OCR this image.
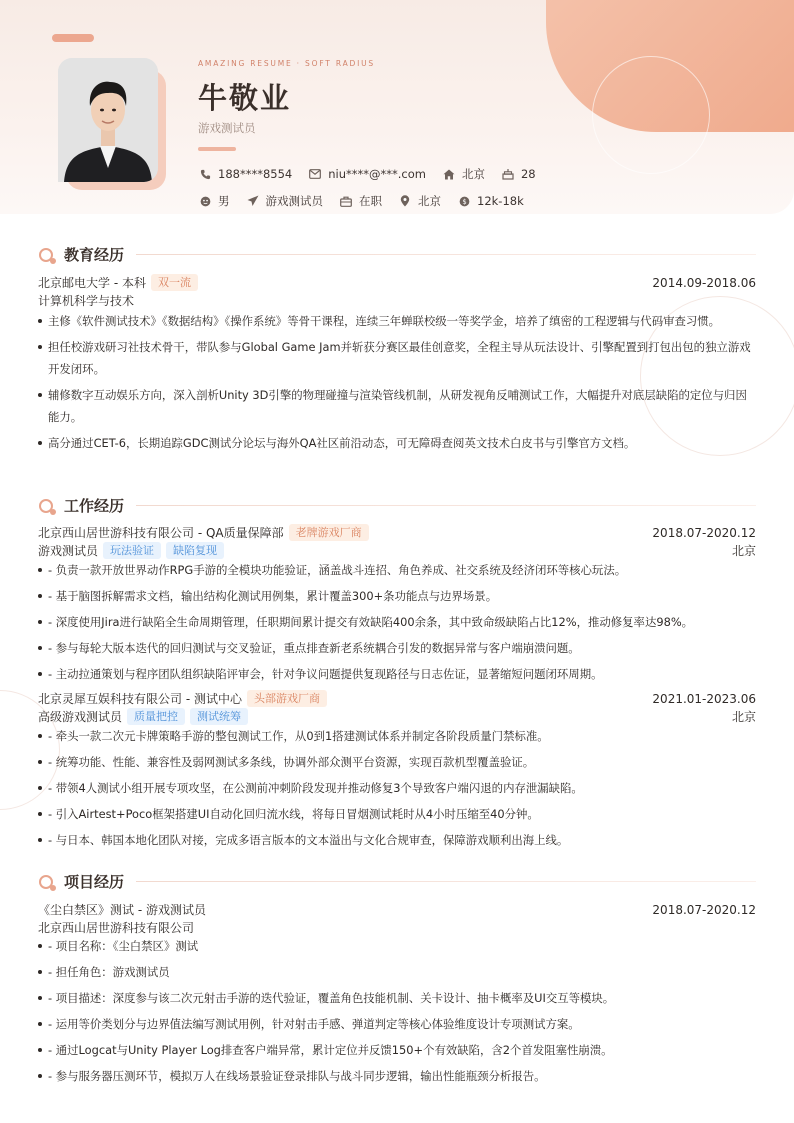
AMAZING RESUME · SOFT RADIUS
牛敬业
游戏测试员
188****8554	niu****@***.com	北京	28
男	游戏测试员	在职	北京	$ 12k-18k
教育经历
北京邮电大学 - 本科	双一流	2014.09-2018.06
计算机科学与技术
主修《软件测试技术》《数据结构》《操作系统》等骨干课程，连续三年蝉联校级一等奖学金，培养了缜密的工程逻辑与代码审查习惯。
担任校游戏研习社技术骨干，带队参与Global Game Jam并斩获分赛区最佳创意奖，全程主导从玩法设计、引擎配置到打包出包的独立游戏开发闭环。
辅修数字互动娱乐方向，深入剖析Unity 3D引擎的物理碰撞与渲染管线机制，从研发视角反哺测试工作，大幅提升对底层缺陷的定位与归因能力。
高分通过CET-6，长期追踪GDC测试分论坛与海外QA社区前沿动态，可无障碍查阅英文技术白皮书与引擎官方文档。
工作经历
北京西山居世游科技有限公司 - QA质量保障部	老牌游戏厂商	2018.07-2020.12
游戏测试员	玩法验证	缺陷复现	北京
- 负责一款开放世界动作RPG手游的全模块功能验证，涵盖战斗连招、角色养成、社交系统及经济闭环等核心玩法。
- 基于脑图拆解需求文档，输出结构化测试用例集，累计覆盖300+条功能点与边界场景。
- 深度使用Jira进行缺陷全生命周期管理，任职期间累计提交有效缺陷400余条，其中致命级缺陷占比12%，推动修复率达98%。
- 参与每轮大版本迭代的回归测试与交叉验证，重点排查新老系统耦合引发的数据异常与客户端崩溃问题。
- 主动拉通策划与程序团队组织缺陷评审会，针对争议问题提供复现路径与日志佐证，显著缩短问题闭环周期。
北京灵犀互娱科技有限公司 - 测试中心	头部游戏厂商	2021.01-2023.06
高级游戏测试员	质量把控	测试统筹	北京
- 牵头一款二次元卡牌策略手游的整包测试工作，从0到1搭建测试体系并制定各阶段质量门禁标准。
- 统筹功能、性能、兼容性及弱网测试多条线，协调外部众测平台资源，实现百款机型覆盖验证。
- 带领4人测试小组开展专项攻坚，在公测前冲刺阶段发现并推动修复3个导致客户端闪退的内存泄漏缺陷。
- 引入Airtest+Poco框架搭建UI自动化回归流水线，将每日冒烟测试耗时从4小时压缩至40分钟。
- 与日本、韩国本地化团队对接，完成多语言版本的文本溢出与文化合规审查，保障游戏顺利出海上线。
项目经历
《尘白禁区》测试 - 游戏测试员	2018.07-2020.12
北京西山居世游科技有限公司
- 项目名称：《尘白禁区》测试
- 担任角色：游戏测试员
- 项目描述：深度参与该二次元射击手游的迭代验证，覆盖角色技能机制、关卡设计、抽卡概率及UI交互等模块。
- 运用等价类划分与边界值法编写测试用例，针对射击手感、弹道判定等核心体验维度设计专项测试方案。
- 通过Logcat与Unity Player Log排查客户端异常，累计定位并反馈150+个有效缺陷，含2个首发阻塞性崩溃。
- 参与服务器压测环节，模拟万人在线场景验证登录排队与战斗同步逻辑，输出性能瓶颈分析报告。
